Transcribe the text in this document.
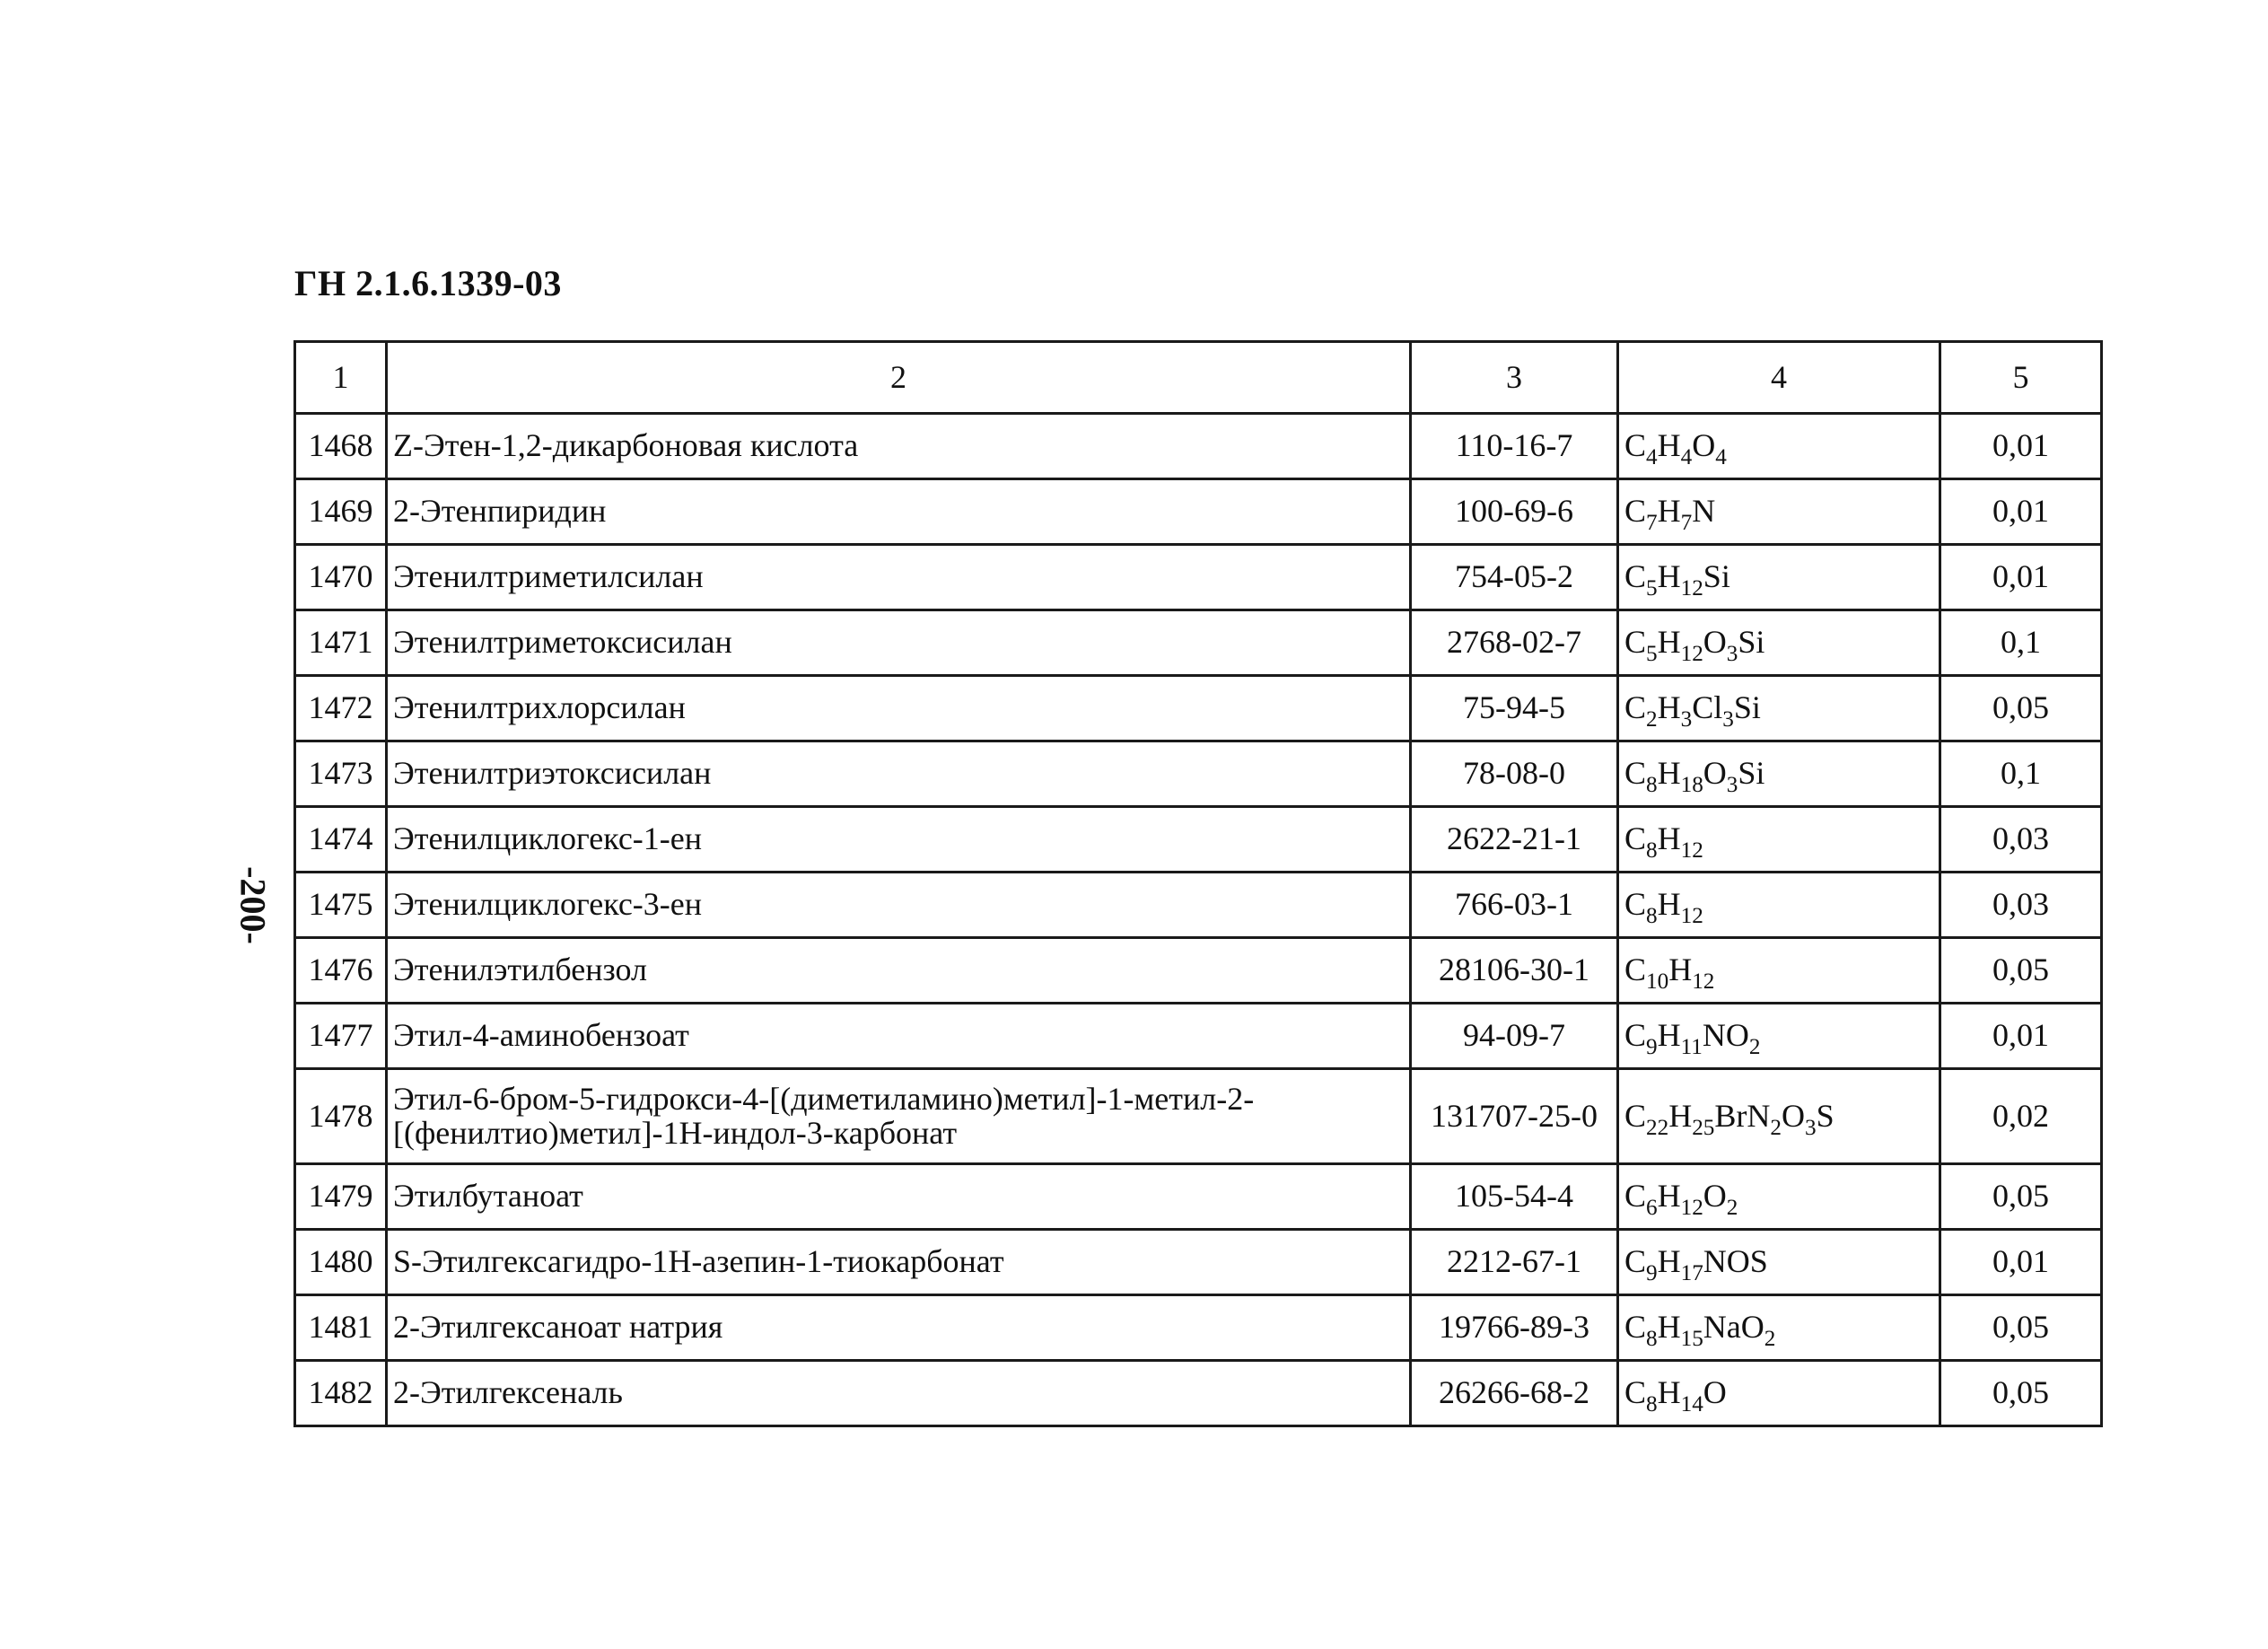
ГН 2.1.6.1339-03
-200-
1	2	3	4	5
1468	Z-Этен-1,2-дикарбоновая кислота	110-16-7	$C_4H_4O_4$	0,01
1469	2-Этенпиридин	100-69-6	$C_7H_7N$	0,01
1470	Этенилтриметилсилан	754-05-2	$C_5H_{12}Si$	0,01
1471	Этенилтриметоксисилан	2768-02-7	$C_5H_{12}O_3Si$	0,1
1472	Этенилтрихлорсилан	75-94-5	$C_2H_3Cl_3Si$	0,05
1473	Этенилтриэтоксисилан	78-08-0	$C_8H_{18}O_3Si$	0,1
1474	Этенилциклогекс-1-ен	2622-21-1	$C_8H_{12}$	0,03
1475	Этенилциклогекс-3-ен	766-03-1	$C_8H_{12}$	0,03
1476	Этенилэтилбензол	28106-30-1	$C_{10}H_{12}$	0,05
1477	Этил-4-аминобензоат	94-09-7	$C_9H_{11}NO_2$	0,01
1478	Этил-6-бром-5-гидрокси-4-[(диметиламино)метил]-1-метил-2-[(фенилтио)метил]-1H-индол-3-карбонат	131707-25-0	$C_{22}H_{25}BrN_2O_3S$	0,02
1479	Этилбутаноат	105-54-4	$C_6H_{12}O_2$	0,05
1480	S-Этилгексагидро-1H-азепин-1-тиокарбонат	2212-67-1	$C_9H_{17}NOS$	0,01
1481	2-Этилгексаноат натрия	19766-89-3	$C_8H_{15}NaO_2$	0,05
1482	2-Этилгексеналь	26266-68-2	$C_8H_{14}O$	0,05
